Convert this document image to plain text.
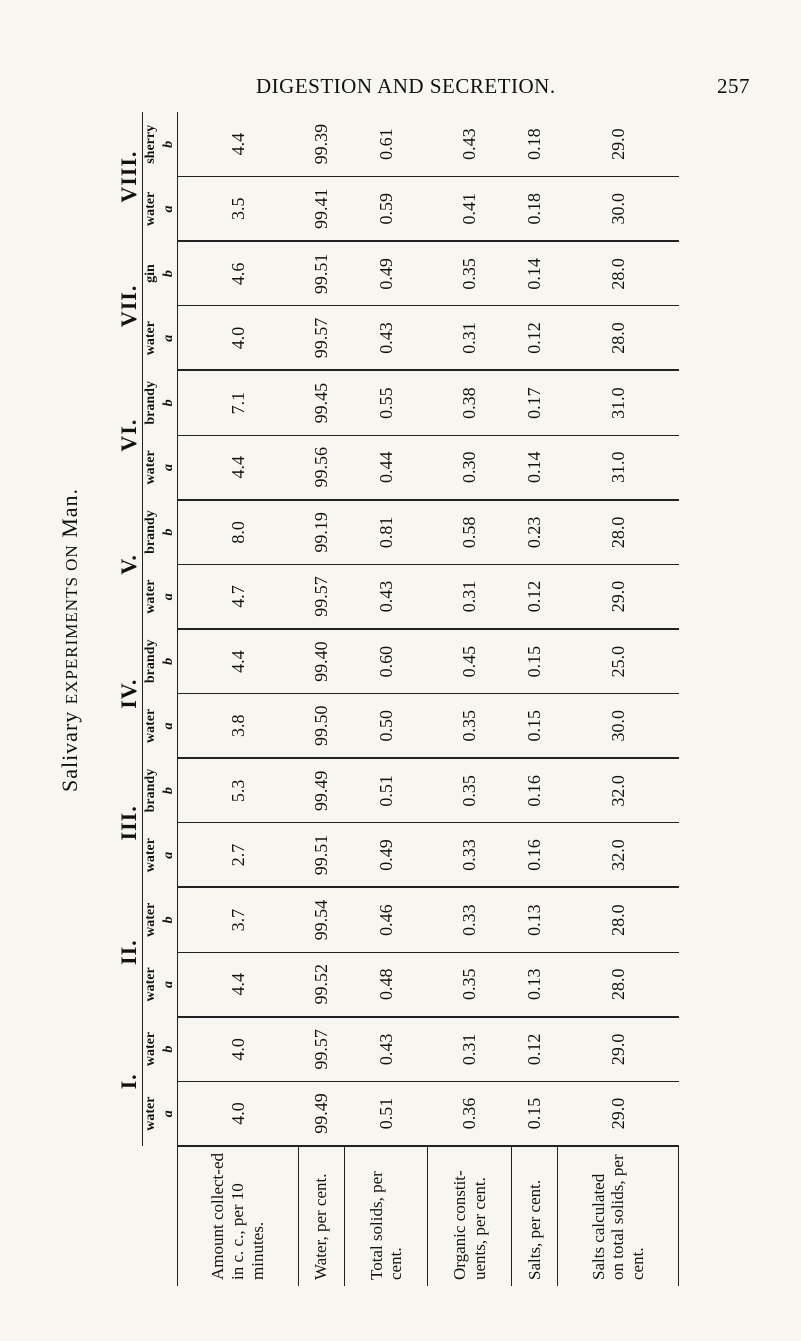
DIGESTION AND SECRETION.	257
Salivary EXPERIMENTS ON Man.
	I.		II.		III.		IV.		V.		VI.		VII.		VIII.	

	water a	water b	water a	water b	water a	brandy b	water a	brandy b	water a	brandy b	water a	brandy b	water a	gin b	water a	sherry b

Amount collect-ed in c. c., per 10 minutes.	4.0	4.0	4.4	3.7	2.7	5.3	3.8	4.4	4.7	8.0	4.4	7.1	4.0	4.6	3.5	4.4
Water, per cent.	99.49	99.57	99.52	99.54	99.51	99.49	99.50	99.40	99.57	99.19	99.56	99.45	99.57	99.51	99.41	99.39
Total solids, per cent.	0.51	0.43	0.48	0.46	0.49	0.51	0.50	0.60	0.43	0.81	0.44	0.55	0.43	0.49	0.59	0.61
Organic constit-uents, per cent.	0.36	0.31	0.35	0.33	0.33	0.35	0.35	0.45	0.31	0.58	0.30	0.38	0.31	0.35	0.41	0.43
Salts, per cent.	0.15	0.12	0.13	0.13	0.16	0.16	0.15	0.15	0.12	0.23	0.14	0.17	0.12	0.14	0.18	0.18
Salts calculated on total solids, per cent.	29.0	29.0	28.0	28.0	32.0	32.0	30.0	25.0	29.0	28.0	31.0	31.0	28.0	28.0	30.0	29.0
